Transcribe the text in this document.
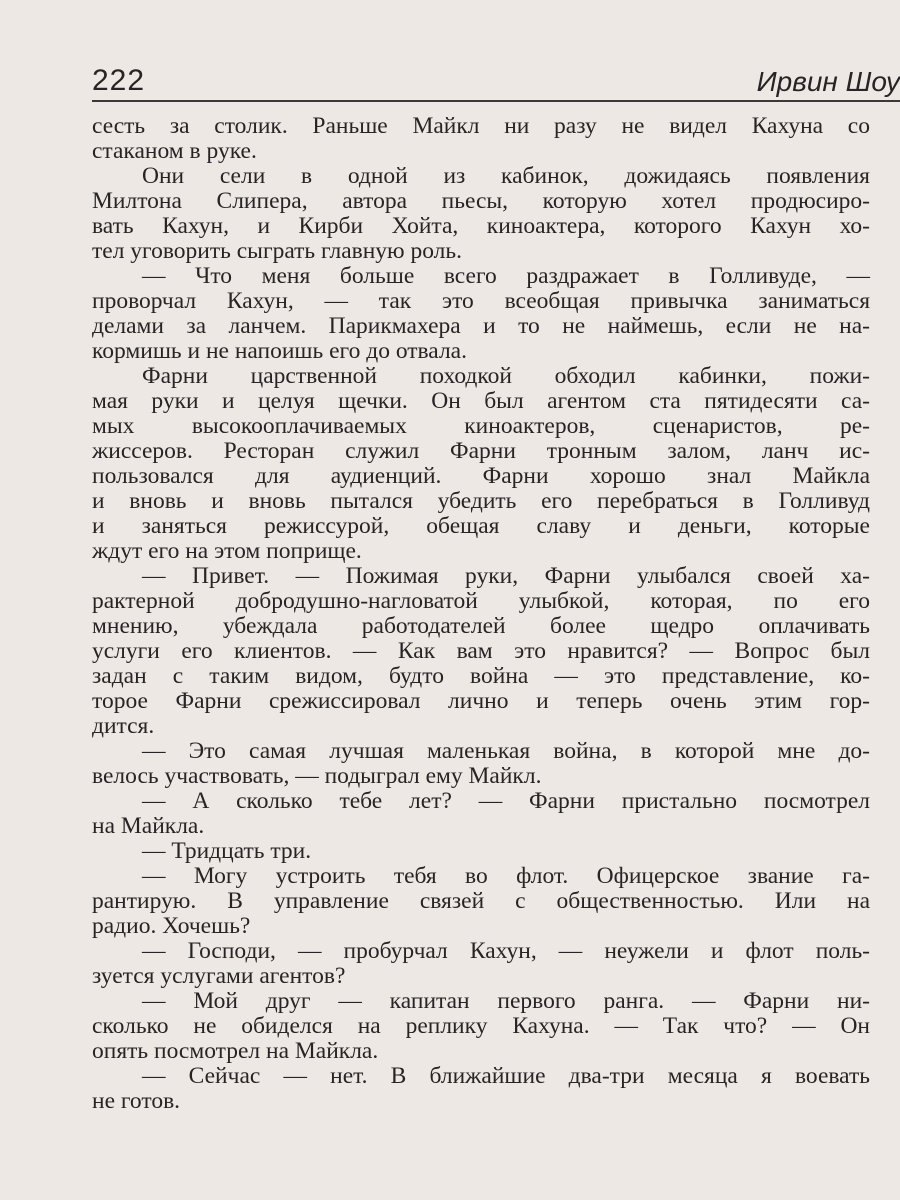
222	Ирвин Шоу
сесть за столик. Раньше Майкл ни разу не видел Кахуна со
стаканом в руке.
Они сели в одной из кабинок, дожидаясь появления
Милтона Слипера, автора пьесы, которую хотел продюсиро-
вать Кахун, и Кирби Хойта, киноактера, которого Кахун хо-
тел уговорить сыграть главную роль.
— Что меня больше всего раздражает в Голливуде, —
проворчал Кахун, — так это всеобщая привычка заниматься
делами за ланчем. Парикмахера и то не наймешь, если не на-
кормишь и не напоишь его до отвала.
Фарни царственной походкой обходил кабинки, пожи-
мая руки и целуя щечки. Он был агентом ста пятидесяти са-
мых высокооплачиваемых киноактеров, сценаристов, ре-
жиссеров. Ресторан служил Фарни тронным залом, ланч ис-
пользовался для аудиенций. Фарни хорошо знал Майкла
и вновь и вновь пытался убедить его перебраться в Голливуд
и заняться режиссурой, обещая славу и деньги, которые
ждут его на этом поприще.
— Привет. — Пожимая руки, Фарни улыбался своей ха-
рактерной добродушно-нагловатой улыбкой, которая, по его
мнению, убеждала работодателей более щедро оплачивать
услуги его клиентов. — Как вам это нравится? — Вопрос был
задан с таким видом, будто война — это представление, ко-
торое Фарни срежиссировал лично и теперь очень этим гор-
дится.
— Это самая лучшая маленькая война, в которой мне до-
велось участвовать, — подыграл ему Майкл.
— А сколько тебе лет? — Фарни пристально посмотрел
на Майкла.
— Тридцать три.
— Могу устроить тебя во флот. Офицерское звание га-
рантирую. В управление связей с общественностью. Или на
радио. Хочешь?
— Господи, — пробурчал Кахун, — неужели и флот поль-
зуется услугами агентов?
— Мой друг — капитан первого ранга. — Фарни ни-
сколько не обиделся на реплику Кахуна. — Так что? — Он
опять посмотрел на Майкла.
— Сейчас — нет. В ближайшие два-три месяца я воевать
не готов.
